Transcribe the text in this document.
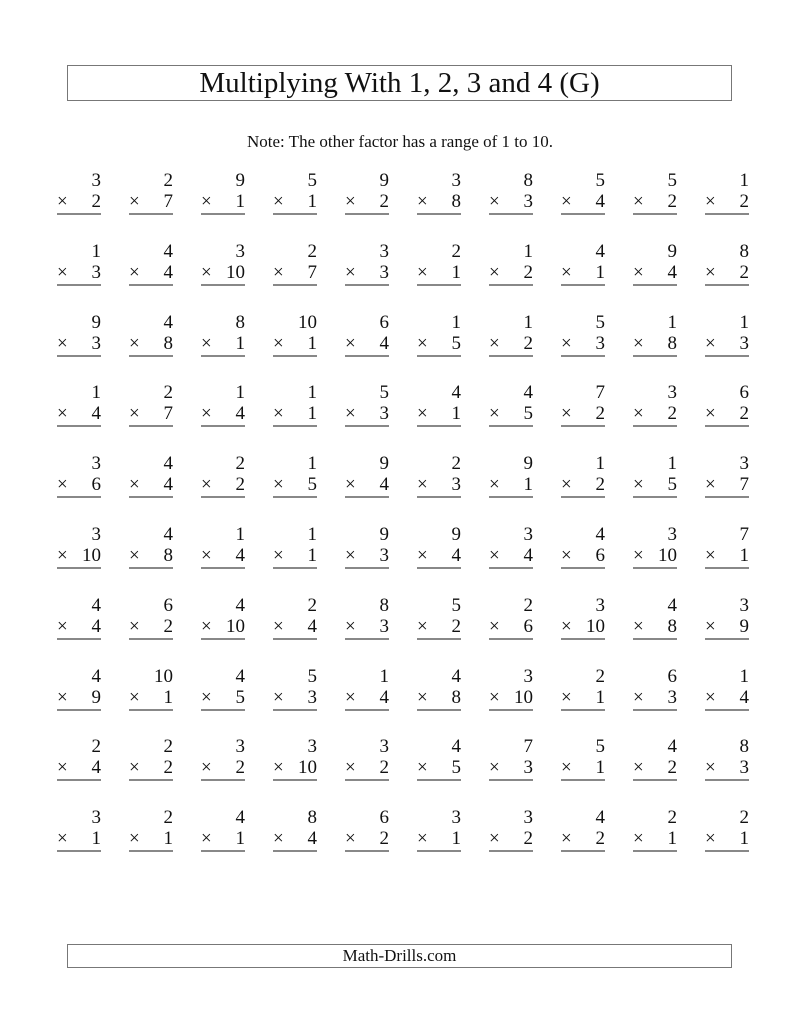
Multiplying With 1, 2, 3 and 4 (G)
Note: The other factor has a range of 1 to 10.
3
× 2
2
× 7
9
× 1
5
× 1
9
× 2
3
× 8
8
× 3
5
× 4
5
× 2
1
× 2
1
× 3
4
× 4
3
× 10
2
× 7
3
× 3
2
× 1
1
× 2
4
× 1
9
× 4
8
× 2
9
× 3
4
× 8
8
× 1
10
× 1
6
× 4
1
× 5
1
× 2
5
× 3
1
× 8
1
× 3
1
× 4
2
× 7
1
× 4
1
× 1
5
× 3
4
× 1
4
× 5
7
× 2
3
× 2
6
× 2
3
× 6
4
× 4
2
× 2
1
× 5
9
× 4
2
× 3
9
× 1
1
× 2
1
× 5
3
× 7
3
× 10
4
× 8
1
× 4
1
× 1
9
× 3
9
× 4
3
× 4
4
× 6
3
× 10
7
× 1
4
× 4
6
× 2
4
× 10
2
× 4
8
× 3
5
× 2
2
× 6
3
× 10
4
× 8
3
× 9
4
× 9
10
× 1
4
× 5
5
× 3
1
× 4
4
× 8
3
× 10
2
× 1
6
× 3
1
× 4
2
× 4
2
× 2
3
× 2
3
× 10
3
× 2
4
× 5
7
× 3
5
× 1
4
× 2
8
× 3
3
× 1
2
× 1
4
× 1
8
× 4
6
× 2
3
× 1
3
× 2
4
× 2
2
× 1
2
× 1
Math-Drills.com
